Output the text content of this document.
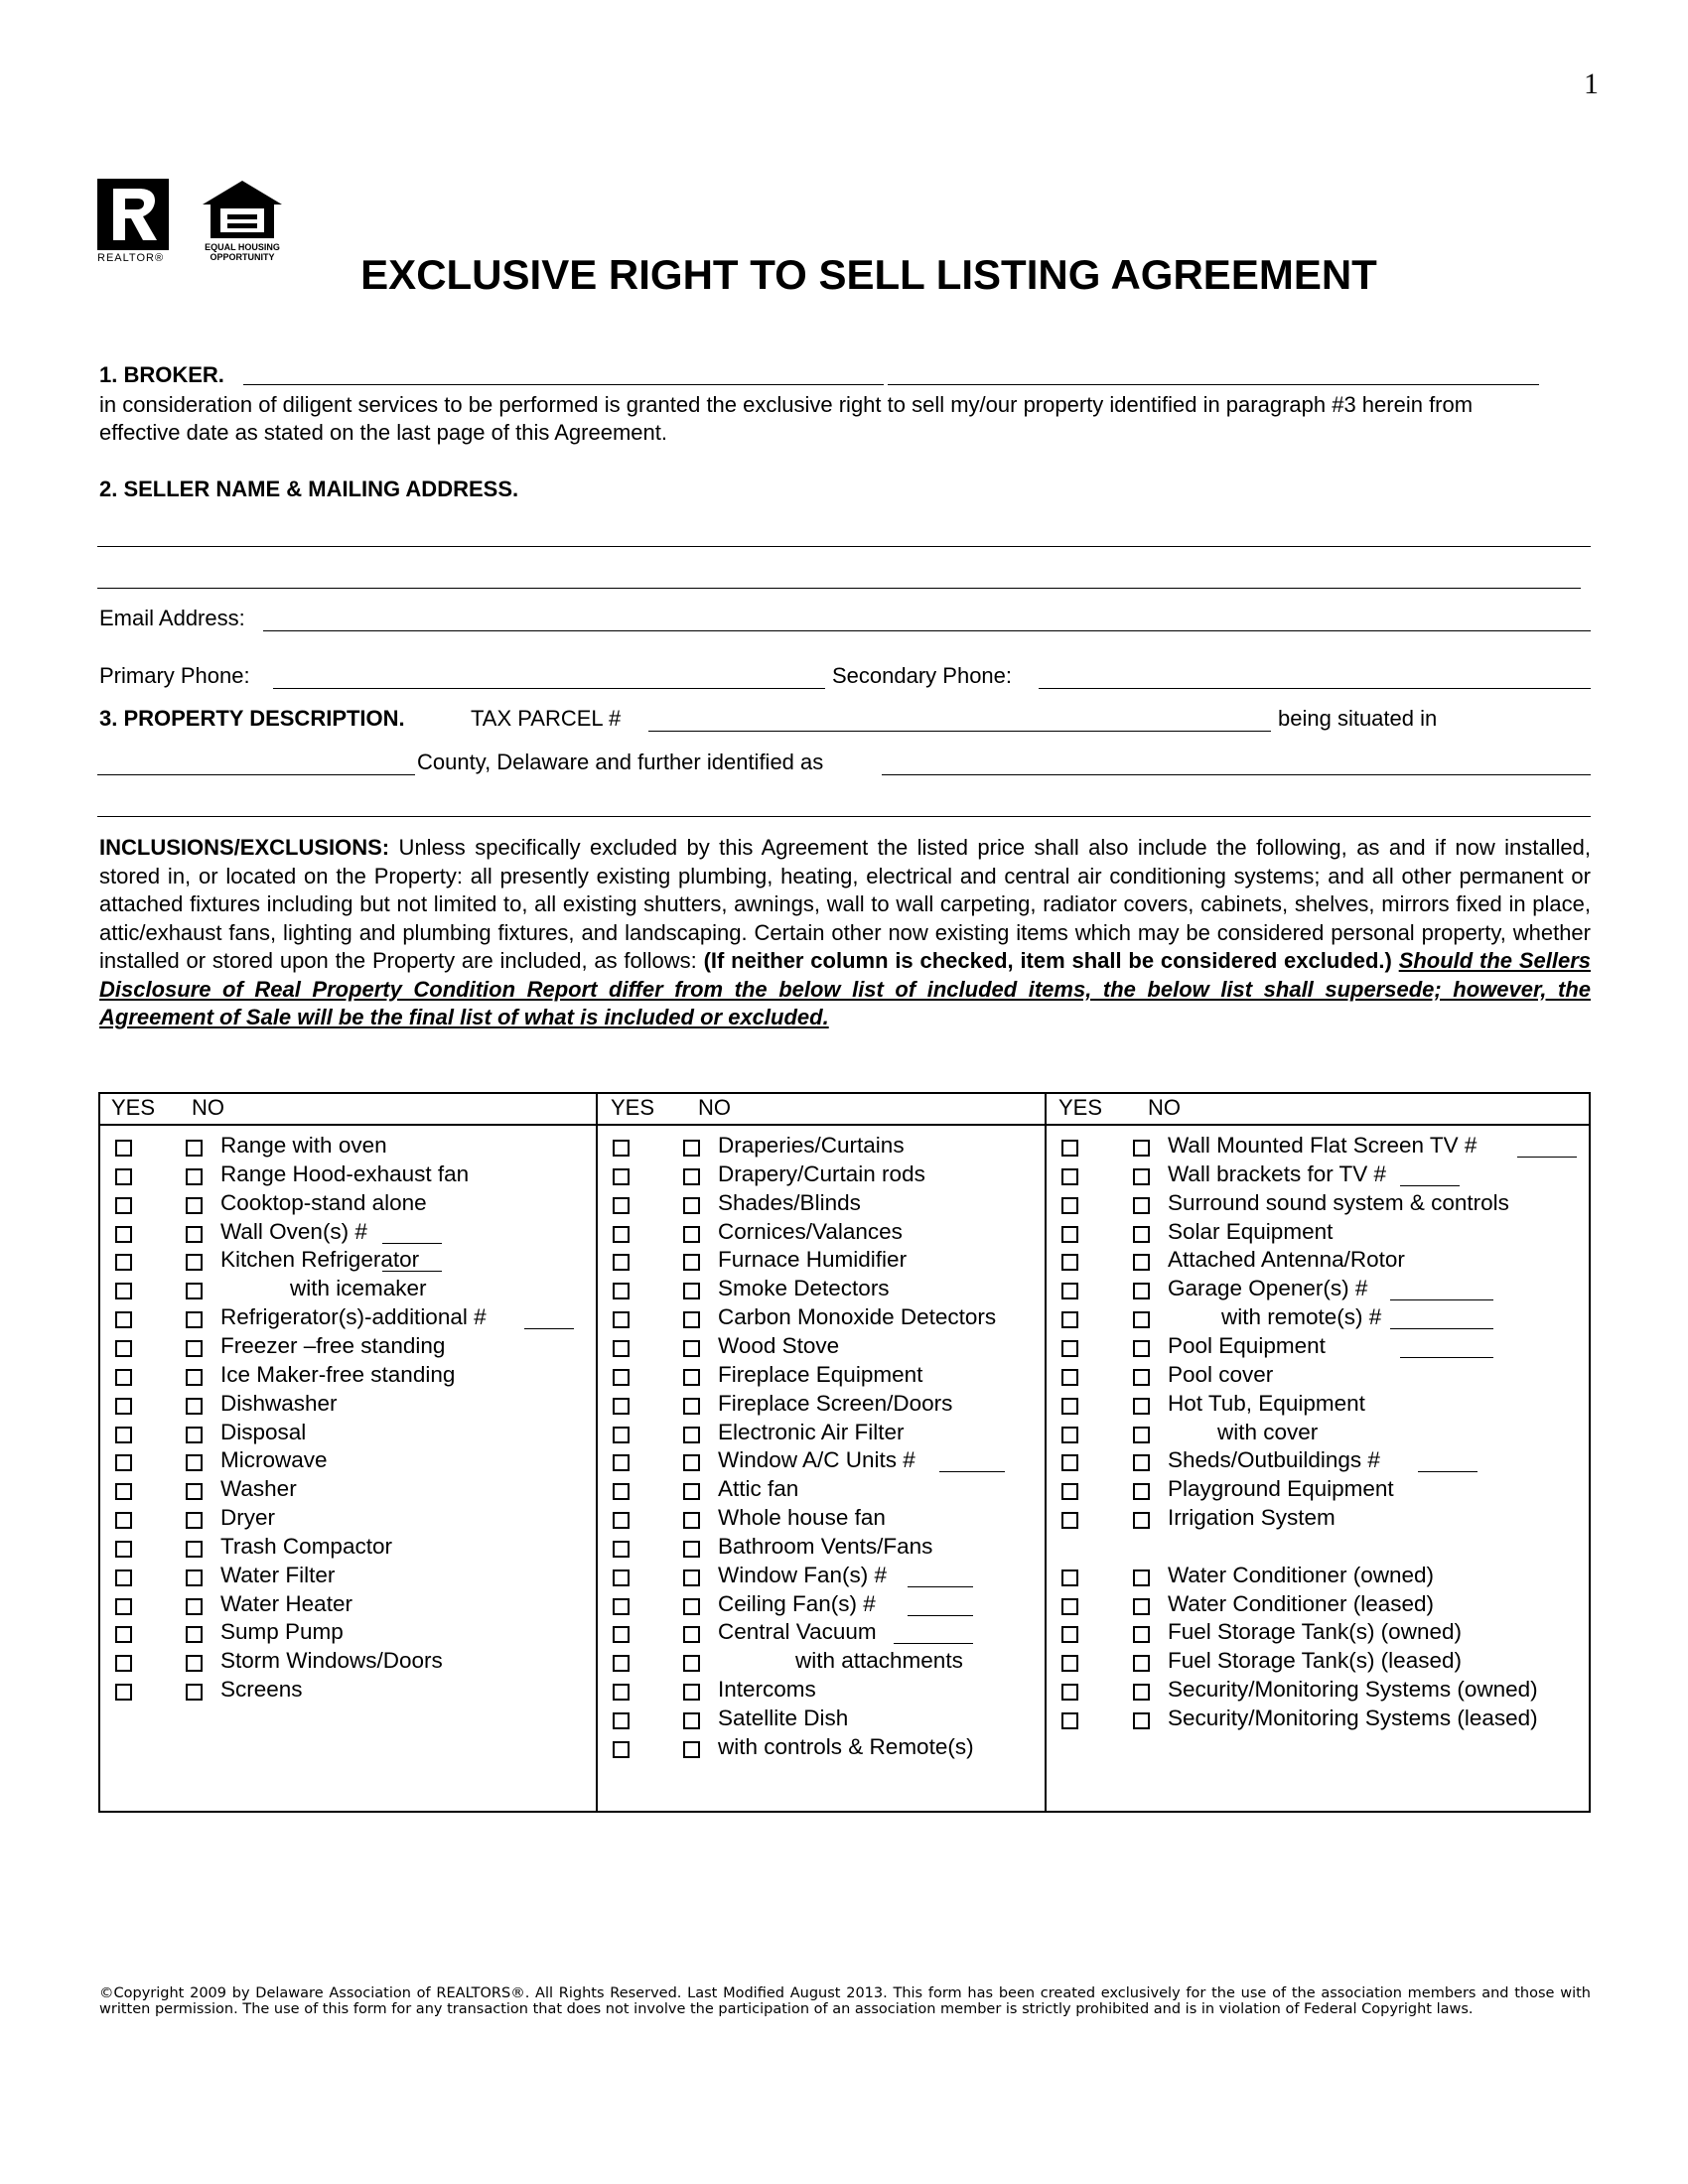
1
REALTOR®
EQUAL HOUSING OPPORTUNITY	EXCLUSIVE RIGHT TO SELL LISTING AGREEMENT
1. BROKER.
in consideration of diligent services to be performed is granted the exclusive right to sell my/our property identified in paragraph #3 herein from effective date as stated on the last page of this Agreement.
2. SELLER NAME & MAILING ADDRESS.
Email Address:
Primary Phone:	Secondary Phone:
3. PROPERTY DESCRIPTION.	TAX PARCEL #	being situated in
County, Delaware and further identified as
INCLUSIONS/EXCLUSIONS: Unless specifically excluded by this Agreement the listed price shall also include the following, as and if now installed, stored in, or located on the Property: all presently existing plumbing, heating, electrical and central air conditioning systems; and all other permanent or attached fixtures including but not limited to, all existing shutters, awnings, wall to wall carpeting, radiator covers, cabinets, shelves, mirrors fixed in place, attic/exhaust fans, lighting and plumbing fixtures, and landscaping. Certain other now existing items which may be considered personal property, whether installed or stored upon the Property are included, as follows: (If neither column is checked, item shall be considered excluded.) Should the Sellers Disclosure of Real Property Condition Report differ from the below list of included items, the below list shall supersede; however, the Agreement of Sale will be the final list of what is included or excluded.
YES NO
Range with oven
Range Hood-exhaust fan
Cooktop-stand alone
Wall Oven(s) #
Kitchen Refrigerator
with icemaker
Refrigerator(s)-additional #
Freezer –free standing
Ice Maker-free standing
Dishwasher
Disposal
Microwave
Washer
Dryer
Trash Compactor
Water Filter
Water Heater
Sump Pump
Storm Windows/Doors
Screens
YES NO
Draperies/Curtains
Drapery/Curtain rods
Shades/Blinds
Cornices/Valances
Furnace Humidifier
Smoke Detectors
Carbon Monoxide Detectors
Wood Stove
Fireplace Equipment
Fireplace Screen/Doors
Electronic Air Filter
Window A/C Units #
Attic fan
Whole house fan
Bathroom Vents/Fans
Window Fan(s) #
Ceiling Fan(s) #
Central Vacuum
with attachments
Intercoms
Satellite Dish
with controls & Remote(s)
YES NO
Wall Mounted Flat Screen TV #
Wall brackets for TV #
Surround sound system & controls
Solar Equipment
Attached Antenna/Rotor
Garage Opener(s) #
with remote(s) #
Pool Equipment
Pool cover
Hot Tub, Equipment
with cover
Sheds/Outbuildings #
Playground Equipment
Irrigation System
Water Conditioner (owned)
Water Conditioner (leased)
Fuel Storage Tank(s) (owned)
Fuel Storage Tank(s) (leased)
Security/Monitoring Systems (owned)
Security/Monitoring Systems (leased)
©Copyright 2009 by Delaware Association of REALTORS®. All Rights Reserved. Last Modified August 2013. This form has been created exclusively for the use of the association members and those with written permission. The use of this form for any transaction that does not involve the participation of an association member is strictly prohibited and is in violation of Federal Copyright laws.
